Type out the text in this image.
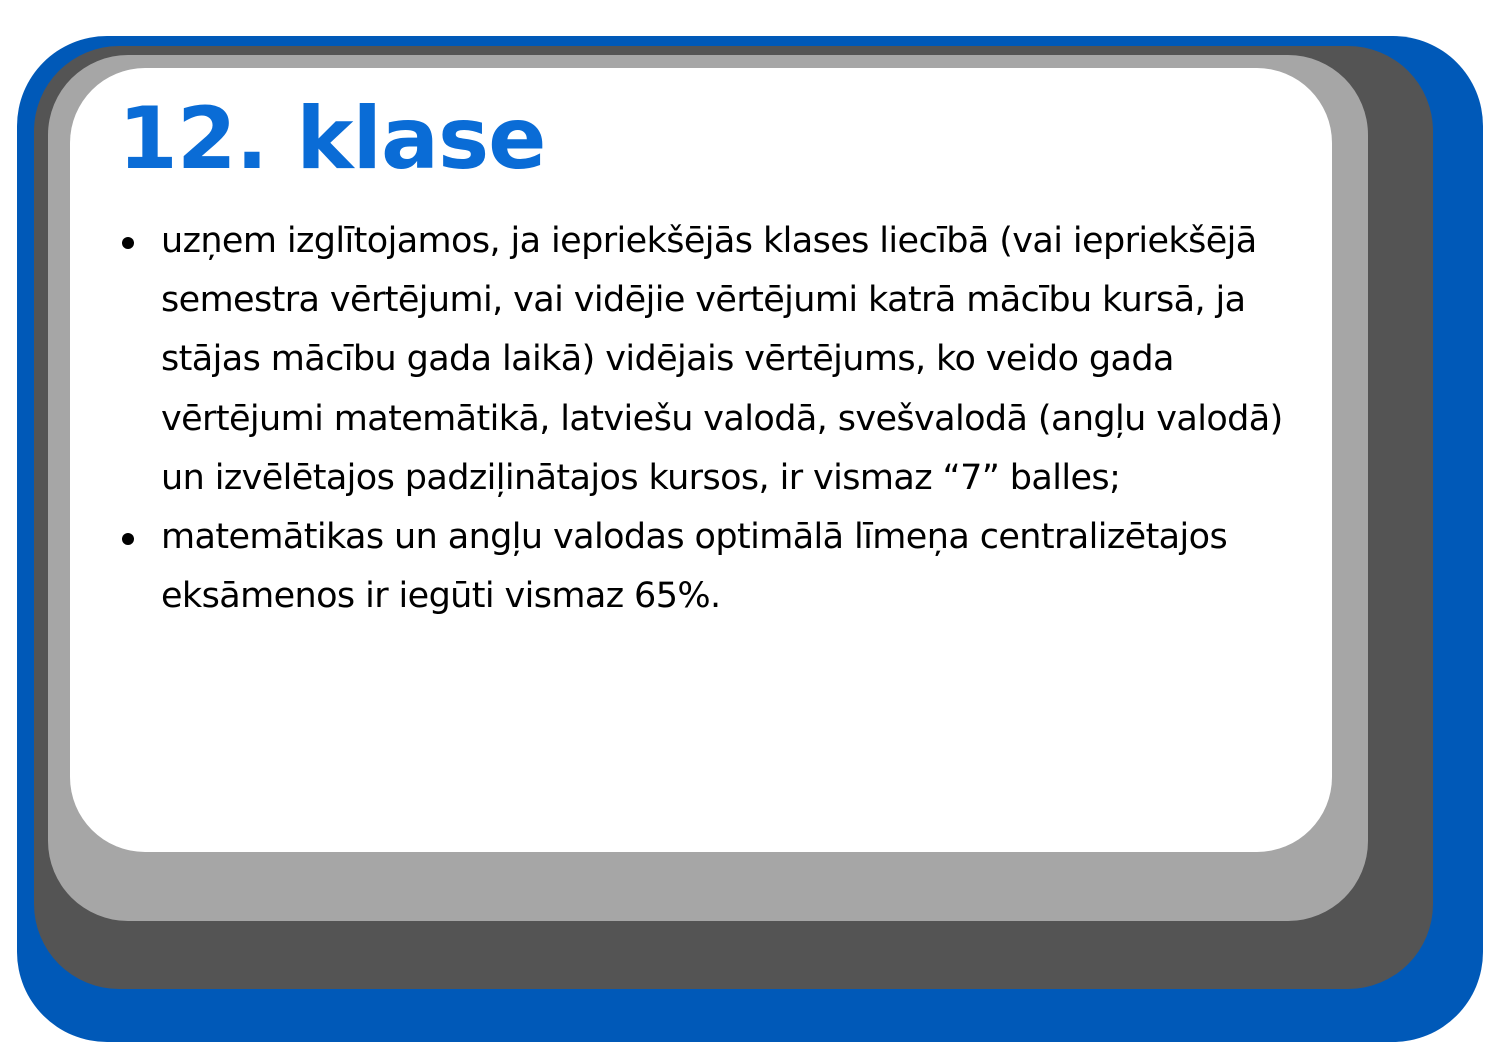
12. klase
uzņem izglītojamos, ja iepriekšējās klases liecībā (vai iepriekšējā semestra vērtējumi, vai vidējie vērtējumi katrā mācību kursā, ja stājas mācību gada laikā) vidējais vērtējums, ko veido gada vērtējumi matemātikā, latviešu valodā, svešvalodā (angļu valodā) un izvēlētajos padziļinātajos kursos, ir vismaz “7” balles;
matemātikas un angļu valodas optimālā līmeņa centralizētajos eksāmenos ir iegūti vismaz 65%.
